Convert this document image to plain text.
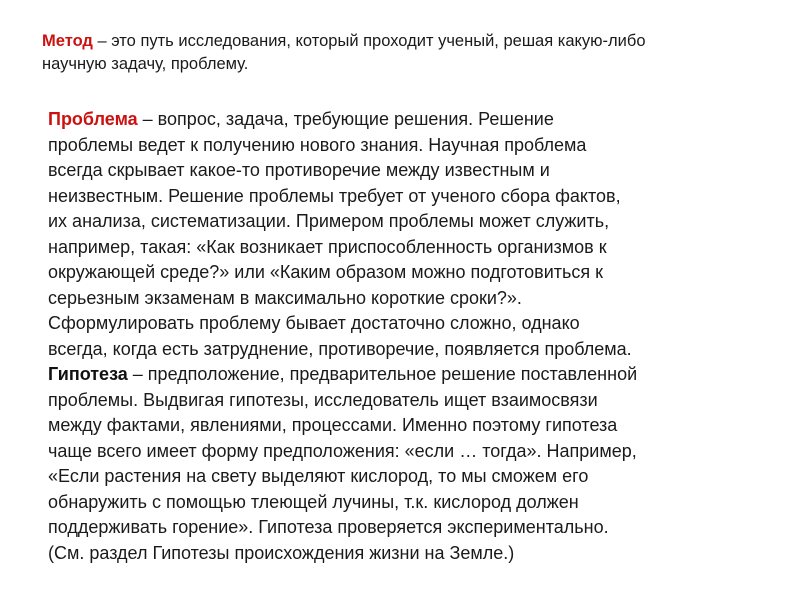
Метод – это путь исследования, который проходит ученый, решая какую-либо
научную задачу, проблему.
Проблема – вопрос, задача, требующие решения. Решение
проблемы ведет к получению нового знания. Научная проблема
всегда скрывает какое-то противоречие между известным и
неизвестным. Решение проблемы требует от ученого сбора фактов,
их анализа, систематизации. Примером проблемы может служить,
например, такая: «Как возникает приспособленность организмов к
окружающей среде?» или «Каким образом можно подготовиться к
серьезным экзаменам в максимально короткие сроки?».
Сформулировать проблему бывает достаточно сложно, однако
всегда, когда есть затруднение, противоречие, появляется проблема.
Гипотеза – предположение, предварительное решение поставленной
проблемы. Выдвигая гипотезы, исследователь ищет взаимосвязи
между фактами, явлениями, процессами. Именно поэтому гипотеза
чаще всего имеет форму предположения: «если … тогда». Например,
«Если растения на свету выделяют кислород, то мы сможем его
обнаружить с помощью тлеющей лучины, т.к. кислород должен
поддерживать горение». Гипотеза проверяется экспериментально.
(См. раздел Гипотезы происхождения жизни на Земле.)
